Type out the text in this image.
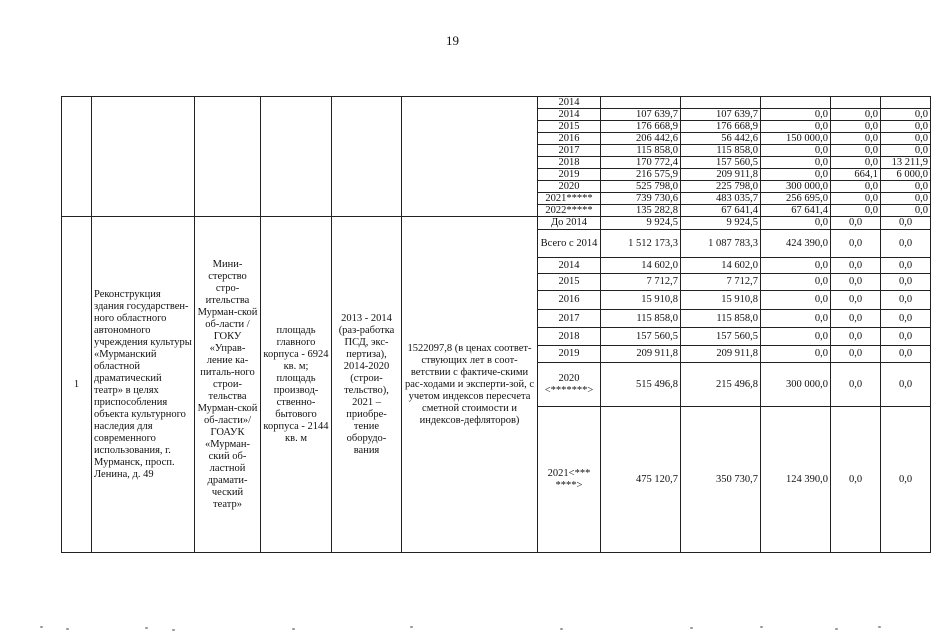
19
						2014					
						2014	107 639,7	107 639,7	0,0	0,0	0,0
						2015	176 668,9	176 668,9	0,0	0,0	0,0
						2016	206 442,6	56 442,6	150 000,0	0,0	0,0
						2017	115 858,0	115 858,0	0,0	0,0	0,0
						2018	170 772,4	157 560,5	0,0	0,0	13 211,9
						2019	216 575,9	209 911,8	0,0	664,1	6 000,0
						2020	525 798,0	225 798,0	300 000,0	0,0	0,0
						2021*****	739 730,6	483 035,7	256 695,0	0,0	0,0
						2022*****	135 282,8	67 641,4	67 641,4	0,0	0,0
1	Реконструкция здания государствен-ного областного автономного учреждения культуры «Мурманский областной драматический театр» в целях приспособления объекта культурного наследия для современного использования, г. Мурманск, просп. Ленина, д. 49	Мини-стерство стро-ительства Мурман-ской об-ласти /ГОКУ «Управ-ление ка-питаль-ного строи-тельства Мурман-ской об-ласти»/ ГОАУК «Мурман-ский об-ластной драмати-ческий театр»	площадь главного корпуса - 6924 кв. м; площадь производ-ственно-бытового корпуса - 2144 кв. м	2013 - 2014 (раз-работка ПСД, экс-пертиза), 2014-2020 (строи-тельство), 2021 – приобре-тение оборудо-вания	1522097,8 (в ценах соответ-ствующих лет в соот-ветствии с фактиче-скими рас-ходами и эксперти-зой, с учетом индексов пересчета сметной стоимости и индексов-дефляторов)	До 2014	9 924,5	9 924,5	0,0	0,0	0,0
						Всего с 2014	1 512 173,3	1 087 783,3	424 390,0	0,0	0,0
						2014	14 602,0	14 602,0	0,0	0,0	0,0
						2015	7 712,7	7 712,7	0,0	0,0	0,0
						2016	15 910,8	15 910,8	0,0	0,0	0,0
						2017	115 858,0	115 858,0	0,0	0,0	0,0
						2018	157 560,5	157 560,5	0,0	0,0	0,0
						2019	209 911,8	209 911,8	0,0	0,0	0,0
						2020 <*******>	515 496,8	215 496,8	300 000,0	0,0	0,0
						2021<*** ****>	475 120,7	350 730,7	124 390,0	0,0	0,0
